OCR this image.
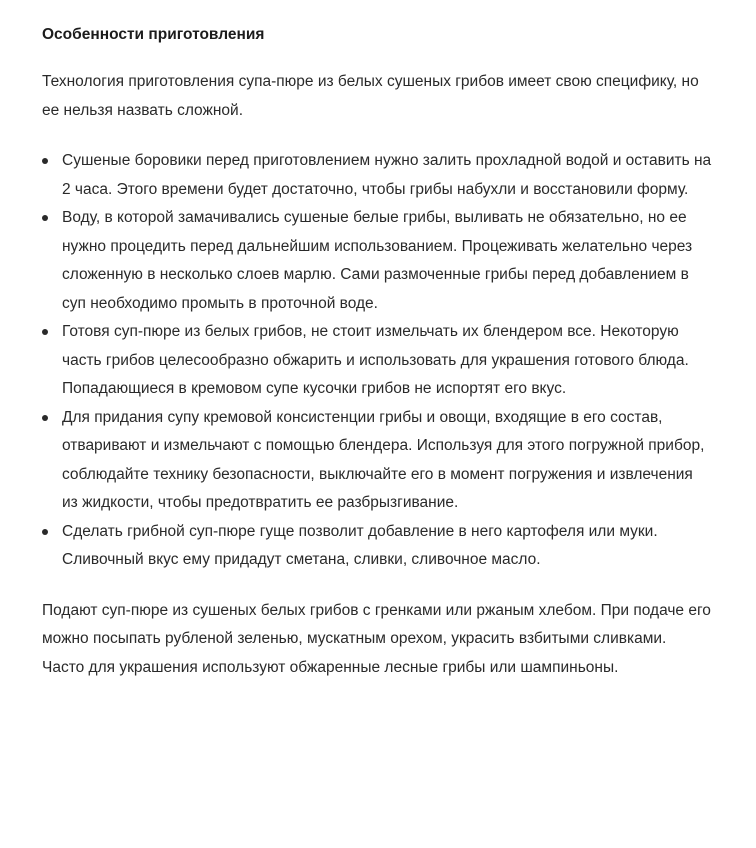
Особенности приготовления

Технология приготовления супа-пюре из белых сушеных грибов имеет свою специфику, но ее нельзя назвать сложной.

Сушеные боровики перед приготовлением нужно залить прохладной водой и оставить на 2 часа. Этого времени будет достаточно, чтобы грибы набухли и восстановили форму.
Воду, в которой замачивались сушеные белые грибы, выливать не обязательно, но ее нужно процедить перед дальнейшим использованием. Процеживать желательно через сложенную в несколько слоев марлю. Сами размоченные грибы перед добавлением в суп необходимо промыть в проточной воде.
Готовя суп-пюре из белых грибов, не стоит измельчать их блендером все. Некоторую часть грибов целесообразно обжарить и использовать для украшения готового блюда. Попадающиеся в кремовом супе кусочки грибов не испортят его вкус.
Для придания супу кремовой консистенции грибы и овощи, входящие в его состав, отваривают и измельчают с помощью блендера. Используя для этого погружной прибор, соблюдайте технику безопасности, выключайте его в момент погружения и извлечения из жидкости, чтобы предотвратить ее разбрызгивание.
Сделать грибной суп-пюре гуще позволит добавление в него картофеля или муки. Сливочный вкус ему придадут сметана, сливки, сливочное масло.

Подают суп-пюре из сушеных белых грибов с гренками или ржаным хлебом. При подаче его можно посыпать рубленой зеленью, мускатным орехом, украсить взбитыми сливками. Часто для украшения используют обжаренные лесные грибы или шампиньоны.
